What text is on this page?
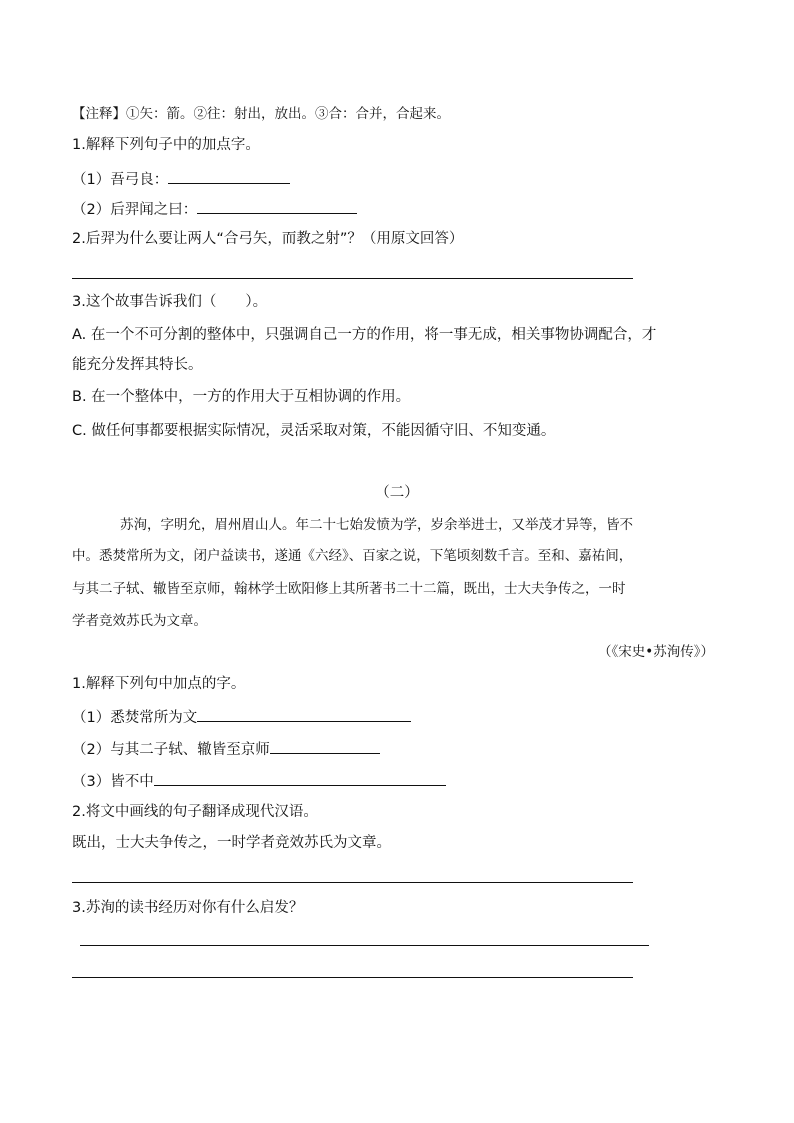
【注释】①矢：箭。②往：射出，放出。③合：合并，合起来。
1.解释下列句子中的加点字。
（1）吾弓良：
（2）后羿闻之曰：
2.后羿为什么要让两人“合弓矢，而教之射”？（用原文回答）
3.这个故事告诉我们（　　）。
A. 在一个不可分割的整体中，只强调自己一方的作用，将一事无成，相关事物协调配合，才
能充分发挥其特长。
B. 在一个整体中，一方的作用大于互相协调的作用。
C. 做任何事都要根据实际情况，灵活采取对策，不能因循守旧、不知变通。
（二）
苏洵，字明允，眉州眉山人。年二十七始发愤为学，岁余举进士，又举茂才异等，皆不
中。悉焚常所为文，闭户益读书，遂通《六经》、百家之说，下笔顷刻数千言。至和、嘉祐间，
与其二子轼、辙皆至京师，翰林学士欧阳修上其所著书二十二篇，既出，士大夫争传之，一时
学者竞效苏氏为文章。
（《宋史•苏洵传》）
1.解释下列句中加点的字。
（1）悉焚常所为文
（2）与其二子轼、辙皆至京师
（3）皆不中
2.将文中画线的句子翻译成现代汉语。
既出，士大夫争传之，一时学者竞效苏氏为文章。
3.苏洵的读书经历对你有什么启发？
